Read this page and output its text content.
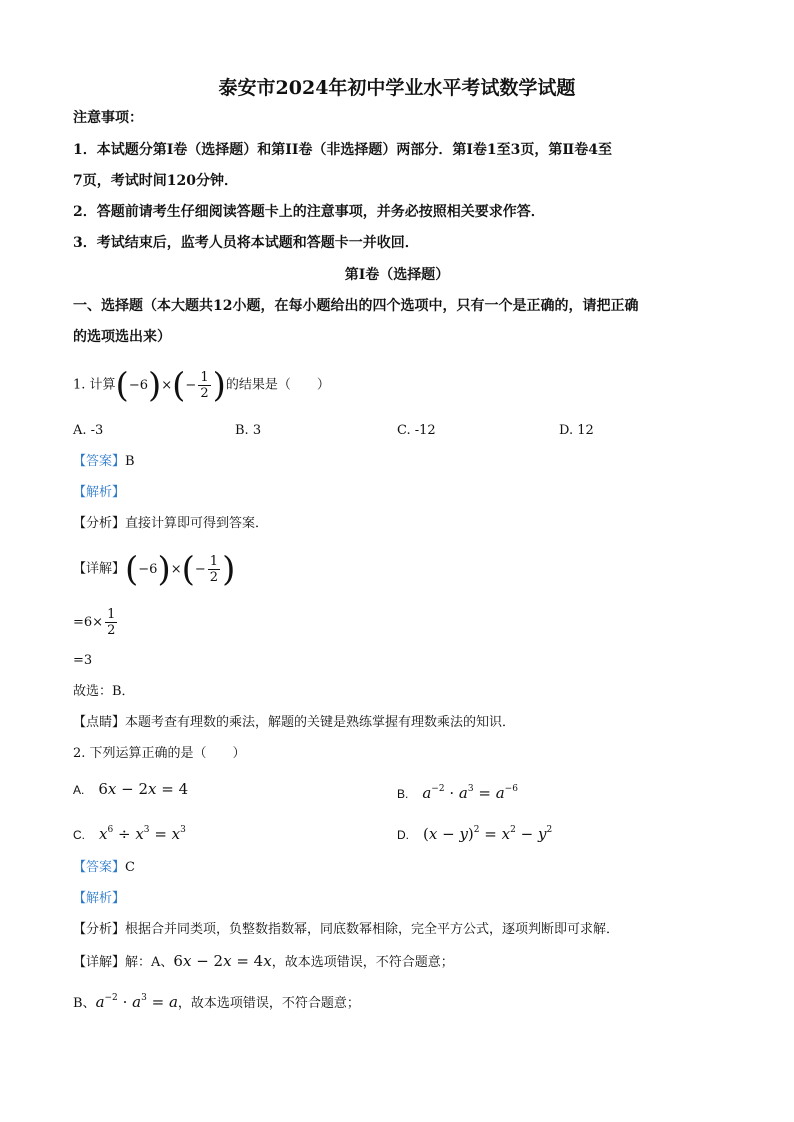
泰安市2024年初中学业水平考试数学试题
注意事项：
1．本试题分第Ⅰ卷（选择题）和第II卷（非选择题）两部分．第Ⅰ卷1至3页，第Ⅱ卷4至
7页，考试时间120分钟．
2．答题前请考生仔细阅读答题卡上的注意事项，并务必按照相关要求作答．
3．考试结束后，监考人员将本试题和答题卡一并收回．
第Ⅰ卷（选择题）
一、选择题（本大题共12小题，在每小题给出的四个选项中，只有一个是正确的，请把正确
的选项选出来）
1. 计算$(-6)\times(- \frac{1}{2}$ )的结果是（　　）
A. -3	B. 3	C. -12	D. 12
【答案】B
【解析】
【分析】直接计算即可得到答案．
【详解】$(-6)\times(- \frac{1}{2}$ )
$=6\times \frac{1}{2}$
=3
故选：B．
【点睛】本题考查有理数的乘法，解题的关键是熟练掌握有理数乘法的知识．
2. 下列运算正确的是（　　）
A. 6x − 2x = 4	B. $a^{-2} \cdot a^3 = a^{-6}$
C. $x^6 \div x^3 = x^3$	D. $(x - y)^2 = x^2 - y^2$
【答案】C
【解析】
【分析】根据合并同类项，负整数指数幂，同底数幂相除，完全平方公式，逐项判断即可求解．
【详解】解：A、6x − 2x = 4x，故本选项错误，不符合题意；
B、$a^{-2} \cdot a^3 = a$，故本选项错误，不符合题意；
